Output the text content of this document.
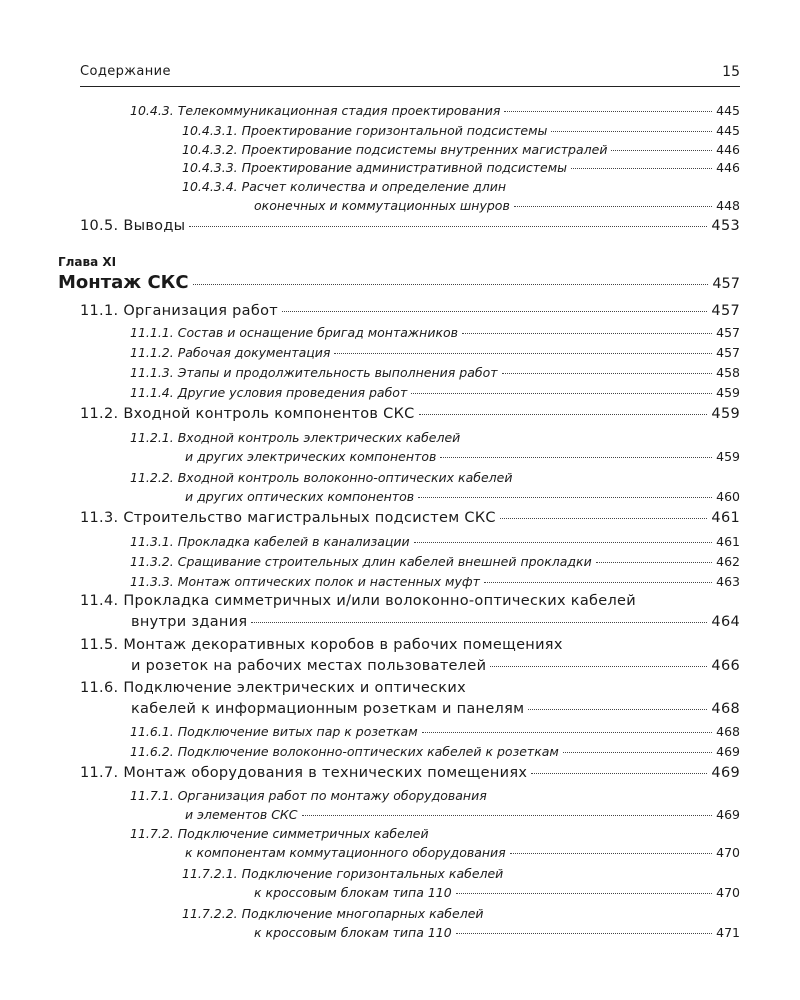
Содержание	15
10.4.3. Телекоммуникационная стадия проектирования	445
10.4.3.1. Проектирование горизонтальной подсистемы	445
10.4.3.2. Проектирование подсистемы внутренних магистралей	446
10.4.3.3. Проектирование административной подсистемы	446
10.4.3.4. Расчет количества и определение длин
оконечных и коммутационных шнуров	448
10.5. Выводы	453
Глава XI
Монтаж СКС	457
11.1. Организация работ	457
11.1.1. Состав и оснащение бригад монтажников	457
11.1.2. Рабочая документация	457
11.1.3. Этапы и продолжительность выполнения работ	458
11.1.4. Другие условия проведения работ	459
11.2. Входной контроль компонентов СКС	459
11.2.1. Входной контроль электрических кабелей
и других электрических компонентов	459
11.2.2. Входной контроль волоконно-оптических кабелей
и других оптических компонентов	460
11.3. Строительство магистральных подсистем СКС	461
11.3.1. Прокладка кабелей в канализации	461
11.3.2. Сращивание строительных длин кабелей внешней прокладки	462
11.3.3. Монтаж оптических полок и настенных муфт	463
11.4. Прокладка симметричных и/или волоконно-оптических кабелей
внутри здания	464
11.5. Монтаж декоративных коробов в рабочих помещениях
и розеток на рабочих местах пользователей	466
11.6. Подключение электрических и оптических
кабелей к информационным розеткам и панелям	468
11.6.1. Подключение витых пар к розеткам	468
11.6.2. Подключение волоконно-оптических кабелей к розеткам	469
11.7. Монтаж оборудования в технических помещениях	469
11.7.1. Организация работ по монтажу оборудования
и элементов СКС	469
11.7.2. Подключение симметричных кабелей
к компонентам коммутационного оборудования	470
11.7.2.1. Подключение горизонтальных кабелей
к кроссовым блокам типа 110	470
11.7.2.2. Подключение многопарных кабелей
к кроссовым блокам типа 110	471
